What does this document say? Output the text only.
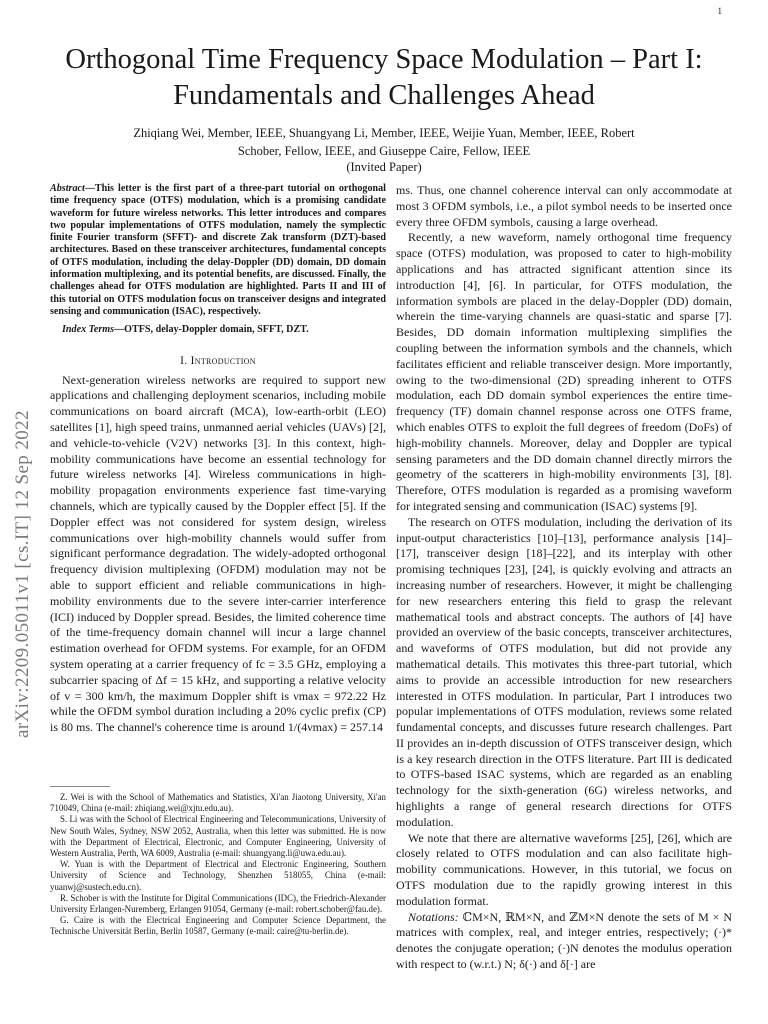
1
arXiv:2209.05011v1 [cs.IT] 12 Sep 2022
Orthogonal Time Frequency Space Modulation – Part I: Fundamentals and Challenges Ahead
Zhiqiang Wei, Member, IEEE, Shuangyang Li, Member, IEEE, Weijie Yuan, Member, IEEE, Robert
Schober, Fellow, IEEE, and Giuseppe Caire, Fellow, IEEE
(Invited Paper)

Abstract—This letter is the first part of a three-part tutorial on orthogonal time frequency space (OTFS) modulation, which is a promising candidate waveform for future wireless networks. This letter introduces and compares two popular implementations of OTFS modulation, namely the symplectic finite Fourier transform (SFFT)- and discrete Zak transform (DZT)-based architectures. Based on these transceiver architectures, fundamental concepts of OTFS modulation, including the delay-Doppler (DD) domain, DD domain information multiplexing, and its potential benefits, are discussed. Finally, the challenges ahead for OTFS modulation are highlighted. Parts II and III of this tutorial on OTFS modulation focus on transceiver designs and integrated sensing and communication (ISAC), respectively.

Index Terms—OTFS, delay-Doppler domain, SFFT, DZT.

I. Introduction

Next-generation wireless networks are required to support new applications and challenging deployment scenarios, including mobile communications on board aircraft (MCA), low-earth-orbit (LEO) satellites [1], high speed trains, unmanned aerial vehicles (UAVs) [2], and vehicle-to-vehicle (V2V) networks [3]. In this context, high-mobility communications have become an essential technology for future wireless networks [4]. Wireless communications in high-mobility propagation environments experience fast time-varying channels, which are typically caused by the Doppler effect [5]. If the Doppler effect was not considered for system design, wireless communications over high-mobility channels would suffer from significant performance degradation. The widely-adopted orthogonal frequency division multiplexing (OFDM) modulation may not be able to support efficient and reliable communications in high-mobility environments due to the severe inter-carrier interference (ICI) induced by Doppler spread. Besides, the limited coherence time of the time-frequency domain channel will incur a large channel estimation overhead for OFDM systems. For example, for an OFDM system operating at a carrier frequency of fc = 3.5 GHz, employing a subcarrier spacing of Δf = 15 kHz, and supporting a relative velocity of v = 300 km/h, the maximum Doppler shift is νmax = 972.22 Hz while the OFDM symbol duration including a 20% cyclic prefix (CP) is 80 ms. The channel's coherence time is around 1/(4νmax) = 257.14

Z. Wei is with the School of Mathematics and Statistics, Xi'an Jiaotong University, Xi'an 710049, China (e-mail: zhiqiang.wei@xjtu.edu.au).

S. Li was with the School of Electrical Engineering and Telecommunications, University of New South Wales, Sydney, NSW 2052, Australia, when this letter was submitted. He is now with the Department of Electrical, Electronic, and Computer Engineering, University of Western Australia, Perth, WA 6009, Australia (e-mail: shuangyang.li@uwa.edu.au).

W. Yuan is with the Department of Electrical and Electronic Engineering, Southern University of Science and Technology, Shenzhen 518055, China (e-mail: yuanwj@sustech.edu.cn).

R. Schober is with the Institute for Digital Communications (IDC), the Friedrich-Alexander University Erlangen-Nuremberg, Erlangen 91054, Germany (e-mail: robert.schober@fau.de).

G. Caire is with the Electrical Engineering and Computer Science Department, the Technische Universität Berlin, Berlin 10587, Germany (e-mail: caire@tu-berlin.de).

ms. Thus, one channel coherence interval can only accommodate at most 3 OFDM symbols, i.e., a pilot symbol needs to be inserted once every three OFDM symbols, causing a large overhead.

Recently, a new waveform, namely orthogonal time frequency space (OTFS) modulation, was proposed to cater to high-mobility applications and has attracted significant attention since its introduction [4], [6]. In particular, for OTFS modulation, the information symbols are placed in the delay-Doppler (DD) domain, wherein the time-varying channels are quasi-static and sparse [7]. Besides, DD domain information multiplexing simplifies the coupling between the information symbols and the channels, which facilitates efficient and reliable transceiver design. More importantly, owing to the two-dimensional (2D) spreading inherent to OTFS modulation, each DD domain symbol experiences the entire time-frequency (TF) domain channel response across one OTFS frame, which enables OTFS to exploit the full degrees of freedom (DoFs) of high-mobility channels. Moreover, delay and Doppler are typical sensing parameters and the DD domain channel directly mirrors the geometry of the scatterers in high-mobility environments [3], [8]. Therefore, OTFS modulation is regarded as a promising waveform for integrated sensing and communication (ISAC) systems [9].

The research on OTFS modulation, including the derivation of its input-output characteristics [10]–[13], performance analysis [14]–[17], transceiver design [18]–[22], and its interplay with other promising techniques [23], [24], is quickly evolving and attracts an increasing number of researchers. However, it might be challenging for new researchers entering this field to grasp the relevant mathematical tools and abstract concepts. The authors of [4] have provided an overview of the basic concepts, transceiver architectures, and waveforms of OTFS modulation, but did not provide any mathematical details. This motivates this three-part tutorial, which aims to provide an accessible introduction for new researchers interested in OTFS modulation. In particular, Part I introduces two popular implementations of OTFS modulation, reviews some related fundamental concepts, and discusses future research challenges. Part II provides an in-depth discussion of OTFS transceiver design, which is a key research direction in the OTFS literature. Part III is dedicated to OTFS-based ISAC systems, which are regarded as an enabling technology for the sixth-generation (6G) wireless networks, and highlights a range of general research directions for OTFS modulation.

We note that there are alternative waveforms [25], [26], which are closely related to OTFS modulation and can also facilitate high-mobility communications. However, in this tutorial, we focus on OTFS modulation due to the rapidly growing interest in this modulation format.

Notations: ℂM×N, ℝM×N, and ℤM×N denote the sets of M × N matrices with complex, real, and integer entries, respectively; (·)* denotes the conjugate operation; (·)N denotes the modulus operation with respect to (w.r.t.) N; δ(·) and δ[·] are
